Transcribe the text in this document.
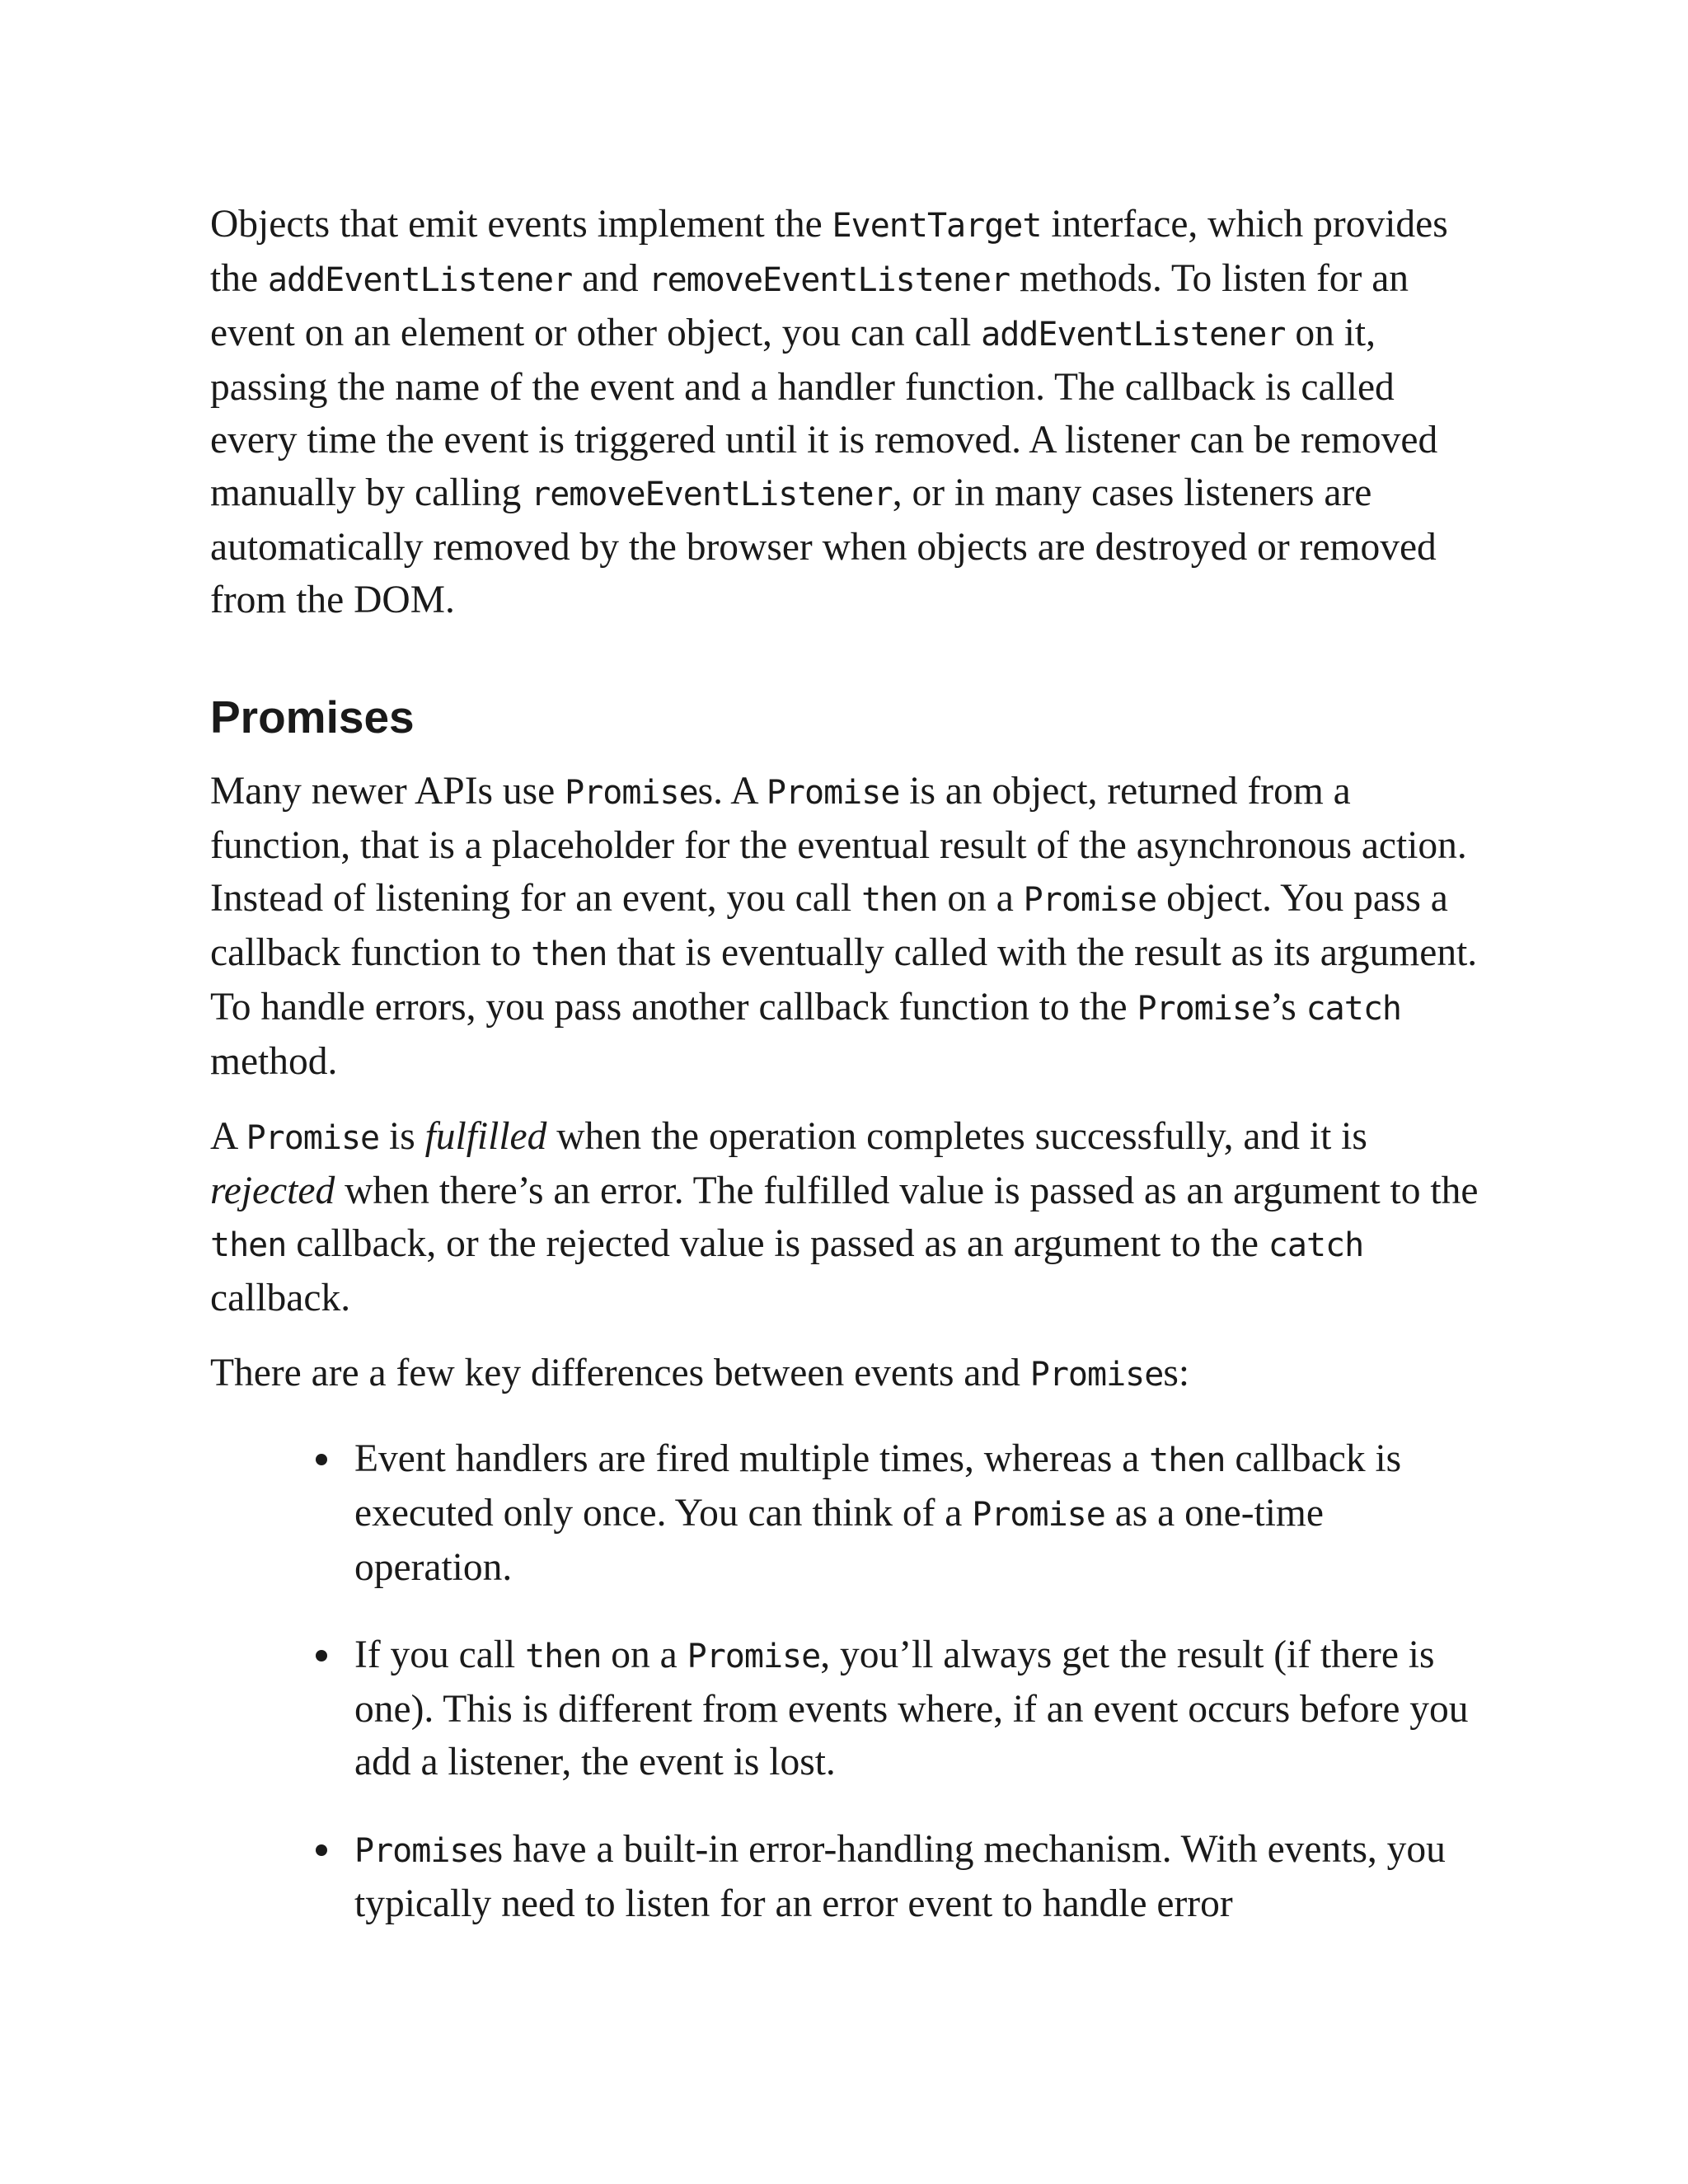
Objects that emit events implement the EventTarget interface, which provides the addEventListener and removeEventListener methods. To listen for an event on an element or other object, you can call addEventListener on it, passing the name of the event and a handler function. The callback is called every time the event is triggered until it is removed. A listener can be removed manually by calling removeEventListener, or in many cases listeners are automatically removed by the browser when objects are destroyed or removed from the DOM.

Promises

Many newer APIs use Promises. A Promise is an object, returned from a function, that is a placeholder for the eventual result of the asynchronous action. Instead of listening for an event, you call then on a Promise object. You pass a callback function to then that is eventually called with the result as its argument. To handle errors, you pass another callback function to the Promise’s catch method.

A Promise is fulfilled when the operation completes successfully, and it is rejected when there’s an error. The fulfilled value is passed as an argument to the then callback, or the rejected value is passed as an argument to the catch callback.

There are a few key differences between events and Promises:

Event handlers are fired multiple times, whereas a then callback is executed only once. You can think of a Promise as a one-time operation.
If you call then on a Promise, you’ll always get the result (if there is one). This is different from events where, if an event occurs before you add a listener, the event is lost.
Promises have a built-in error-handling mechanism. With events, you typically need to listen for an error event to handle error
